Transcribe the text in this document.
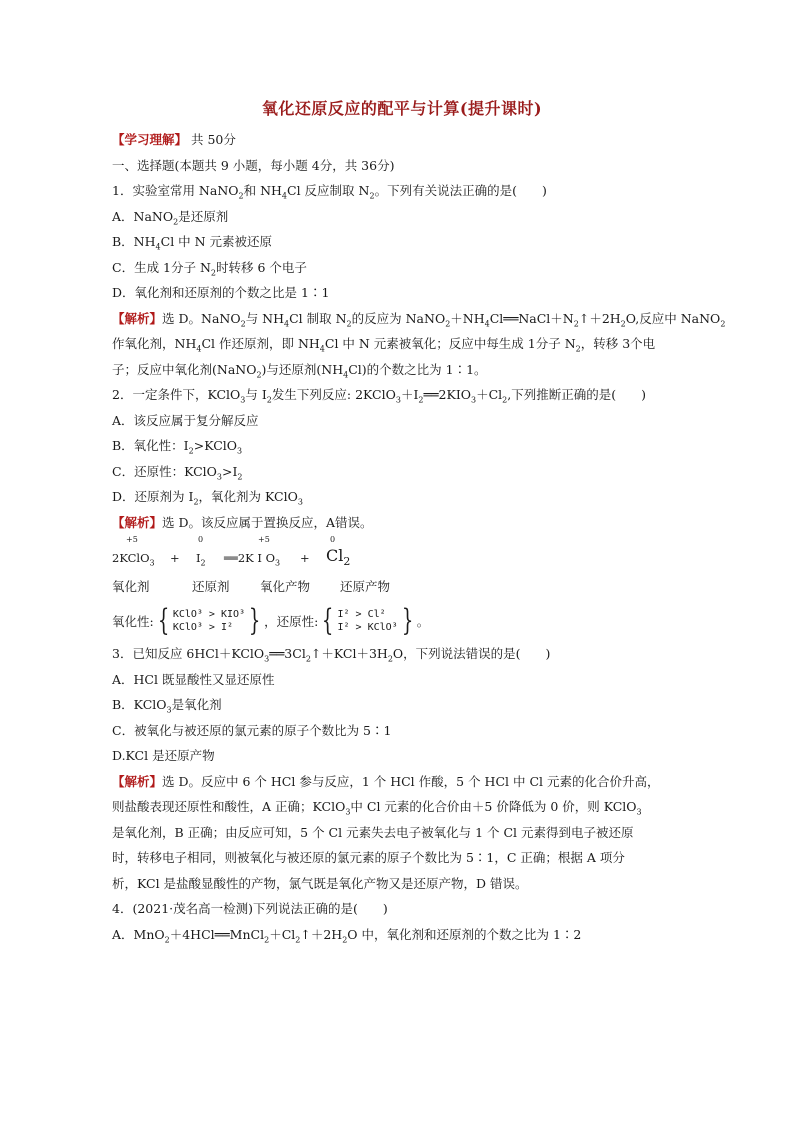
氧化还原反应的配平与计算(提升课时)
【学习理解】 共 50分
一、选择题(本题共 9 小题，每小题 4分，共 36分)
1．实验室常用 NaNO$_2$和 $NH_4Cl$ 反应制取 $N_2$。下列有关说法正确的是(　　)
A．NaNO$_2$是还原剂
B．$NH_4Cl$ 中 N 元素被还原
C．生成 1分子 $N_2$时转移 6 个电子
D．氧化剂和还原剂的个数之比是 1∶1
【解析】选 D。NaNO$_2$与 $NH_4Cl$ 制取 $N_2$的反应为 $NaNO_2+NH_4Cl══NaCl+N_2↑+2H_2O$,反应中 NaNO$_2$
作氧化剂，$NH_4Cl$ 作还原剂，即 $NH_4Cl$ 中 N 元素被氧化；反应中每生成 1分子 $N_2$，转移 3个电
子；反应中氧化剂(NaNO$_2$)与还原剂$(NH_4Cl)$的个数之比为 1∶1。
2．一定条件下，KClO$_3$与 $I_2$发生下列反应: $2KClO_3+I_2══2KIO_3+Cl_2$,下列推断正确的是(　　)
A．该反应属于复分解反应
B．氧化性：$I_2>KClO_3$
C．还原性：$KClO_3>I_2$
D．还原剂为 $I_2$，氧化剂为 KClO$_3$
【解析】选 D。该反应属于置换反应，A错误。
+5	0	+5	0
2KClO$_3$ + $I_2$ ══2K I $O_3 + Cl_2$
氧化剂	还原剂	氧化产物	还原产物
氧化性: { KClO³ > KIO³
KClO³ > I² } ，还原性: { I² > Cl²
I² > KClO³ } 。
3．已知反应 $6HCl+KClO_3══3Cl_2↑+KCl+3H_2O$，下列说法错误的是(　　)
A．HCl 既显酸性又显还原性
B．KClO$_3$是氧化剂
C．被氧化与被还原的氯元素的原子个数比为 5∶1
D.KCl 是还原产物
【解析】选 D。反应中 6 个 HCl 参与反应，1 个 HCl 作酸，5 个 HCl 中 Cl 元素的化合价升高，
则盐酸表现还原性和酸性，A 正确；KClO$_3$中 Cl 元素的化合价由＋5 价降低为 0 价，则 KClO$_3$
是氧化剂，B 正确；由反应可知，5 个 Cl 元素失去电子被氧化与 1 个 Cl 元素得到电子被还原
时，转移电子相同，则被氧化与被还原的氯元素的原子个数比为 5∶1，C 正确；根据 A 项分
析，KCl 是盐酸显酸性的产物，氯气既是氧化产物又是还原产物，D 错误。
4．(2021·茂名高一检测)下列说法正确的是(　　)
A．$MnO_2+4HCl══MnCl_2+Cl_2↑+2H_2O$ 中，氧化剂和还原剂的个数之比为 1∶2
